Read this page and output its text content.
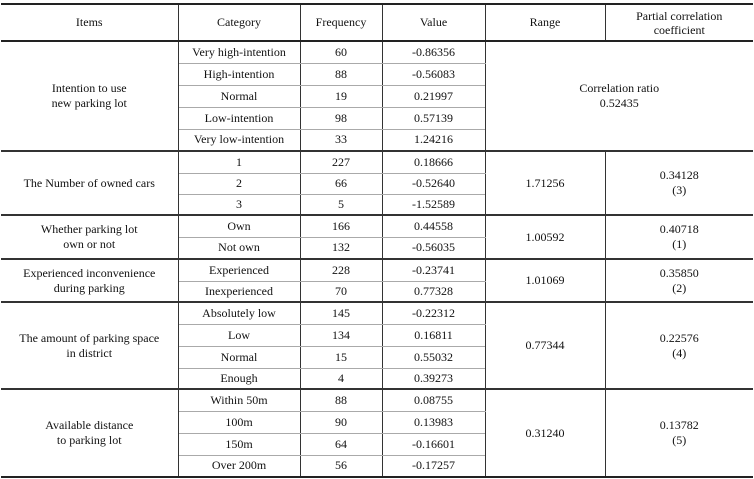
Items	Category	Frequency	Value	Range	Partial correlation coefficient

Intention to use
new parking lot	Very high-intention	60	-0.86356	Correlation ratio
0.52435	

	High-intention	88	-0.56083		
	Normal	19	0.21997		
	Low-intention	98	0.57139		
	Very low-intention	33	1.24216		
The Number of owned cars	1	227	0.18666	1.71256	0.34128
(3)

	2	66	-0.52640		
	3	5	-1.52589		

Whether parking lot
own or not	Own	166	0.44558	1.00592	0.40718
(1)

	Not own	132	-0.56035		

Experienced inconvenience
during parking	Experienced	228	-0.23741	1.01069	0.35850
(2)

	Inexperienced	70	0.77328		

The amount of parking space
in district	Absolutely low	145	-0.22312	0.77344	0.22576
(4)

	Low	134	0.16811		
	Normal	15	0.55032		
	Enough	4	0.39273		

Available distance
to parking lot	Within 50m	88	0.08755	0.31240	0.13782
(5)

	100m	90	0.13983		
	150m	64	-0.16601		
	Over 200m	56	-0.17257		
